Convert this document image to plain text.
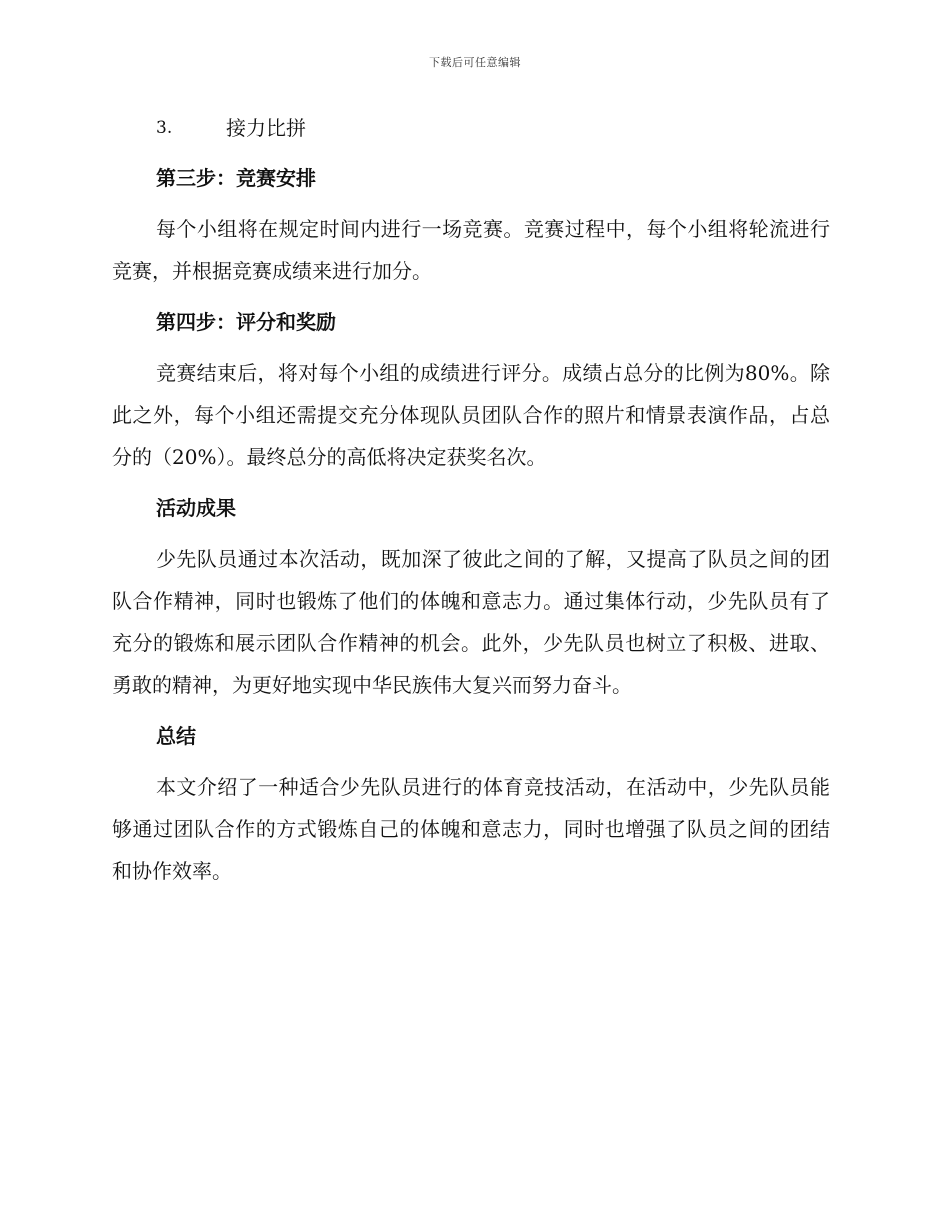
下载后可任意编辑
3.	接力比拼
第三步：竞赛安排

每个小组将在规定时间内进行一场竞赛。竞赛过程中，每个小组将轮流进行竞赛，并根据竞赛成绩来进行加分。

第四步：评分和奖励

竞赛结束后，将对每个小组的成绩进行评分。成绩占总分的比例为80%。除此之外，每个小组还需提交充分体现队员团队合作的照片和情景表演作品，占总分的（20%）。最终总分的高低将决定获奖名次。

活动成果

少先队员通过本次活动，既加深了彼此之间的了解，又提高了队员之间的团队合作精神，同时也锻炼了他们的体魄和意志力。通过集体行动，少先队员有了充分的锻炼和展示团队合作精神的机会。此外，少先队员也树立了积极、进取、勇敢的精神，为更好地实现中华民族伟大复兴而努力奋斗。

总结

本文介绍了一种适合少先队员进行的体育竞技活动，在活动中，少先队员能够通过团队合作的方式锻炼自己的体魄和意志力，同时也增强了队员之间的团结和协作效率。
